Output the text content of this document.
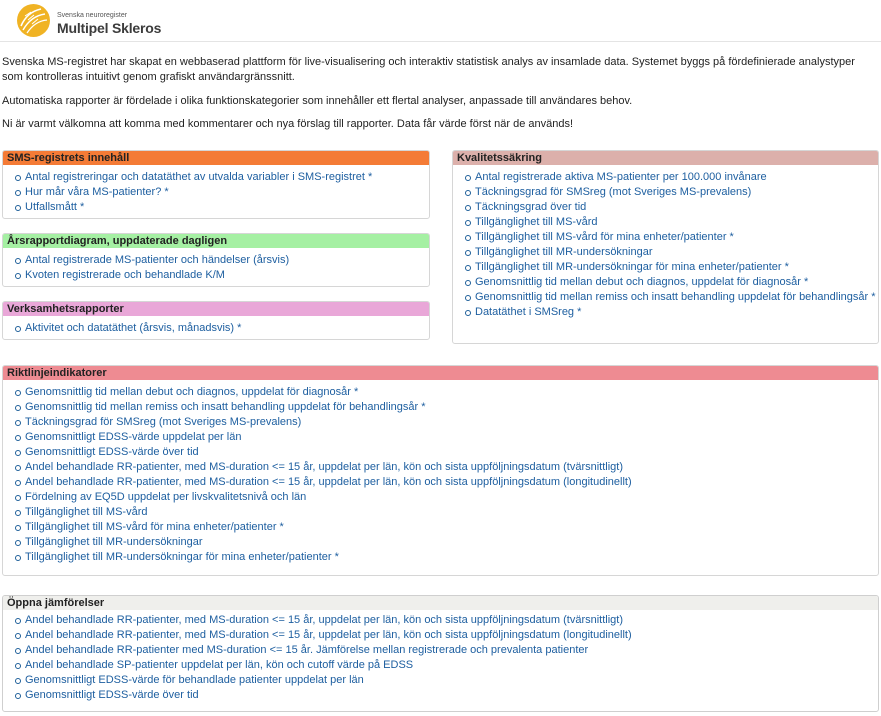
Svenska neuroregister
Multipel Skleros

Svenska MS-registret har skapat en webbaserad plattform för live-visualisering och interaktiv statistisk analys av insamlade data. Systemet byggs på fördefinierade analystyper som kontrolleras intuitivt genom grafiskt användargränssnitt.

Automatiska rapporter är fördelade i olika funktionskategorier som innehåller ett flertal analyser, anpassade till användares behov.

Ni är varmt välkomna att komma med kommentarer och nya förslag till rapporter. Data får värde först när de används!

SMS-registrets innehåll
Antal registreringar och datatäthet av utvalda variabler i SMS-registret *
Hur mår våra MS-patienter? *
Utfallsmått *
Årsrapportdiagram, uppdaterade dagligen
Antal registrerade MS-patienter och händelser (årsvis)
Kvoten registrerade och behandlade K/M
Verksamhetsrapporter
Aktivitet och datatäthet (årsvis, månadsvis) *
Kvalitetssäkring
Antal registrerade aktiva MS-patienter per 100.000 invånare
Täckningsgrad för SMSreg (mot Sveriges MS-prevalens)
Täckningsgrad över tid
Tillgänglighet till MS-vård
Tillgänglighet till MS-vård för mina enheter/patienter *
Tillgänglighet till MR-undersökningar
Tillgänglighet till MR-undersökningar för mina enheter/patienter *
Genomsnittlig tid mellan debut och diagnos, uppdelat för diagnosår *
Genomsnittlig tid mellan remiss och insatt behandling uppdelat för behandlingsår *
Datatäthet i SMSreg *
Riktlinjeindikatorer
Genomsnittlig tid mellan debut och diagnos, uppdelat för diagnosår *
Genomsnittlig tid mellan remiss och insatt behandling uppdelat för behandlingsår *
Täckningsgrad för SMSreg (mot Sveriges MS-prevalens)
Genomsnittligt EDSS-värde uppdelat per län
Genomsnittligt EDSS-värde över tid
Andel behandlade RR-patienter, med MS-duration <= 15 år, uppdelat per län, kön och sista uppföljningsdatum (tvärsnittligt)
Andel behandlade RR-patienter, med MS-duration <= 15 år, uppdelat per län, kön och sista uppföljningsdatum (longitudinellt)
Fördelning av EQ5D uppdelat per livskvalitetsnivå och län
Tillgänglighet till MS-vård
Tillgänglighet till MS-vård för mina enheter/patienter *
Tillgänglighet till MR-undersökningar
Tillgänglighet till MR-undersökningar för mina enheter/patienter *
Öppna jämförelser
Andel behandlade RR-patienter, med MS-duration <= 15 år, uppdelat per län, kön och sista uppföljningsdatum (tvärsnittligt)
Andel behandlade RR-patienter, med MS-duration <= 15 år, uppdelat per län, kön och sista uppföljningsdatum (longitudinellt)
Andel behandlade RR-patienter med MS-duration <= 15 år. Jämförelse mellan registrerade och prevalenta patienter
Andel behandlade SP-patienter uppdelat per län, kön och cutoff värde på EDSS
Genomsnittligt EDSS-värde för behandlade patienter uppdelat per län
Genomsnittligt EDSS-värde över tid
